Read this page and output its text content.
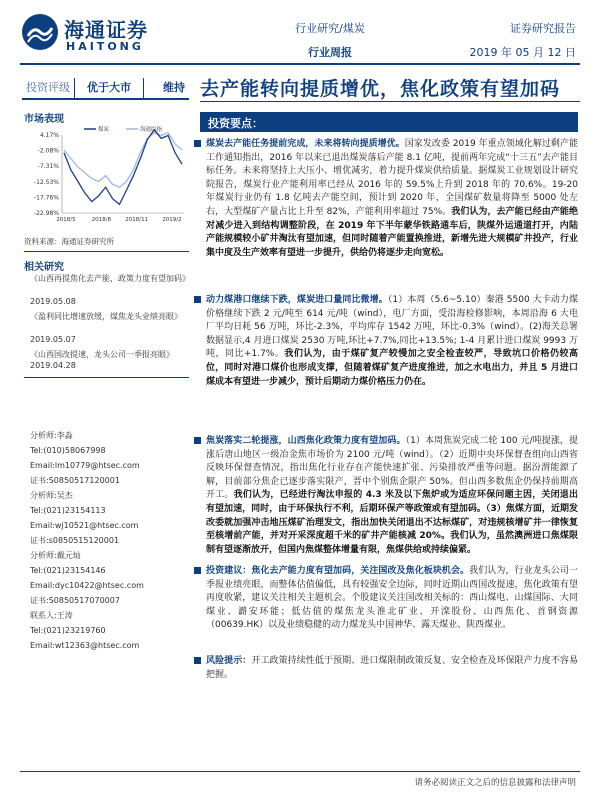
海通证券
HAITONG
行业研究/煤炭
行业周报
证券研究报告
2019 年 05 月 12 日
投资评级	优于大市	维持 去产能转向提质增优，焦化政策有望加码
市场表现
4.17%
-2.08%
-7.31%
-12.53%
-17.76%
-22.98%
2018/5	2018/8	2018/11	2019/2
煤炭	海通综指
资料来源：海通证券研究所
相关研究
《山西再提焦化去产能，政策力度有望加码》
2019.05.08
《盈利同比增速放缓，煤焦龙头业绩亮眼》
2019.05.07
《山西国改提速，龙头公司一季报亮眼》
2019.04.28
分析师:李淼
Tel:(010)58067998
Email:lm10779@htsec.com
证书:S0850517120001
分析师:吴杰
Tel:(021)23154113
Email:wj10521@htsec.com
证书:s0850515120001
分析师:戴元灿
Tel:(021)23154146
Email:dyc10422@htsec.com
证书:S0850517070007
联系人:王涛
Tel:(021)23219760
Email:wt12363@htsec.com
投资要点：
煤炭去产能任务提前完成，未来将转向提质增优。国家发改委 2019 年重点领域化解过剩产能工作通知指出，2016 年以来已退出煤炭落后产能 8.1 亿吨，提前两年完成“十三五”去产能目标任务。未来将坚持上大压小、增优减劣，着力提升煤炭供给质量。据煤炭工业规划设计研究院报告，煤炭行业产能利用率已经从 2016 年的 59.5%上升到 2018 年的 70.6%。19-20 年煤炭行业仍有 1.8 亿吨去产能空间，预计到 2020 年，全国煤矿数量将降至 5000 处左右，大型煤矿产量占比上升至 82%，产能利用率超过 75%。我们认为，去产能已经由产能绝对减少进入到结构调整阶段，在 2019 年下半年蒙华铁路通车后，陕煤外运通道打开，内陆产能规模较小矿井淘汰有望加速，但同时随着产能置换推进，新增先进大规模矿井投产，行业集中度及生产效率有望进一步提升，供给仍将逐步走向宽松。
动力煤港口继续下跌，煤炭进口量同比微增。（1）本周（5.6~5.10）秦港 5500 大卡动力煤价格继续下跌 2 元/吨至 614 元/吨（wind），电厂方面，受沿海检修影响，本周沿海 6 大电厂平均日耗 56 万吨，环比-2.3%，平均库存 1542 万吨，环比-0.3%（wind）。(2)海关总署数据显示,4 月进口煤炭 2530 万吨,环比+7.7%,同比+13.5%; 1-4 月累计进口煤炭 9993 万吨，同比+1.7%。我们认为，由于煤矿复产较慢加之安全检查较严，导致坑口价格仍较高位，同时对港口煤价也形成支撑，但随着煤矿复产进度推进，加之水电出力，并且 5 月进口煤成本有望进一步减少，预计后期动力煤价格压力仍在。
焦炭落实二轮提涨，山西焦化政策力度有望加码。（1）本周焦炭完成二轮 100 元/吨提涨，提涨后唐山地区一级冶金焦市场价为 2100 元/吨（wind）。（2）近期中央环保督查组向山西省反映环保督查情况，指出焦化行业存在产能快速扩张、污染排放严重等问题。据汾渭能源了解，目前部分焦企已逐步落实限产，晋中个别焦企限产 50%。但山西多数焦企仍保持前期高开工。我们认为，已经进行淘汰申报的 4.3 米及以下焦炉或为适应环保问题主因，关闭退出有望加速，同时，由于环保执行不利，后期环保产等政策或有望加码。（3）焦煤方面，近期发改委就加强冲击地压煤矿治理发文，指出加快关闭退出不达标煤矿，对违规核增矿井一律恢复至核增前产能，并对开采深度超千米的矿井产能核减 20%。我们认为，虽然澳洲进口焦煤限制有望逐渐放开，但国内焦煤整体增量有限，焦煤供给或持续偏紧。
投资建议：焦化去产能力度有望加码，关注国改及焦化板块机会。我们认为，行业龙头公司一季报业绩亮眼，而整体估值偏低，具有较强安全边际，同时近期山西国改提速，焦化政策有望再度收紧，建议关注相关主题机会。个股建议关注国改相关标的：西山煤电、山煤国际、大同煤业、潞安环能；低估值的煤焦龙头淮北矿业、开滦股份、山西焦化、首钢资源（00639.HK）以及业绩稳健的动力煤龙头中国神华、露天煤业、陕西煤业。
风险提示：开工政策持续性低于预期、进口煤限制政策反复、安全检查及环保限产力度不容易把握。
请务必阅读正文之后的信息披露和法律声明
